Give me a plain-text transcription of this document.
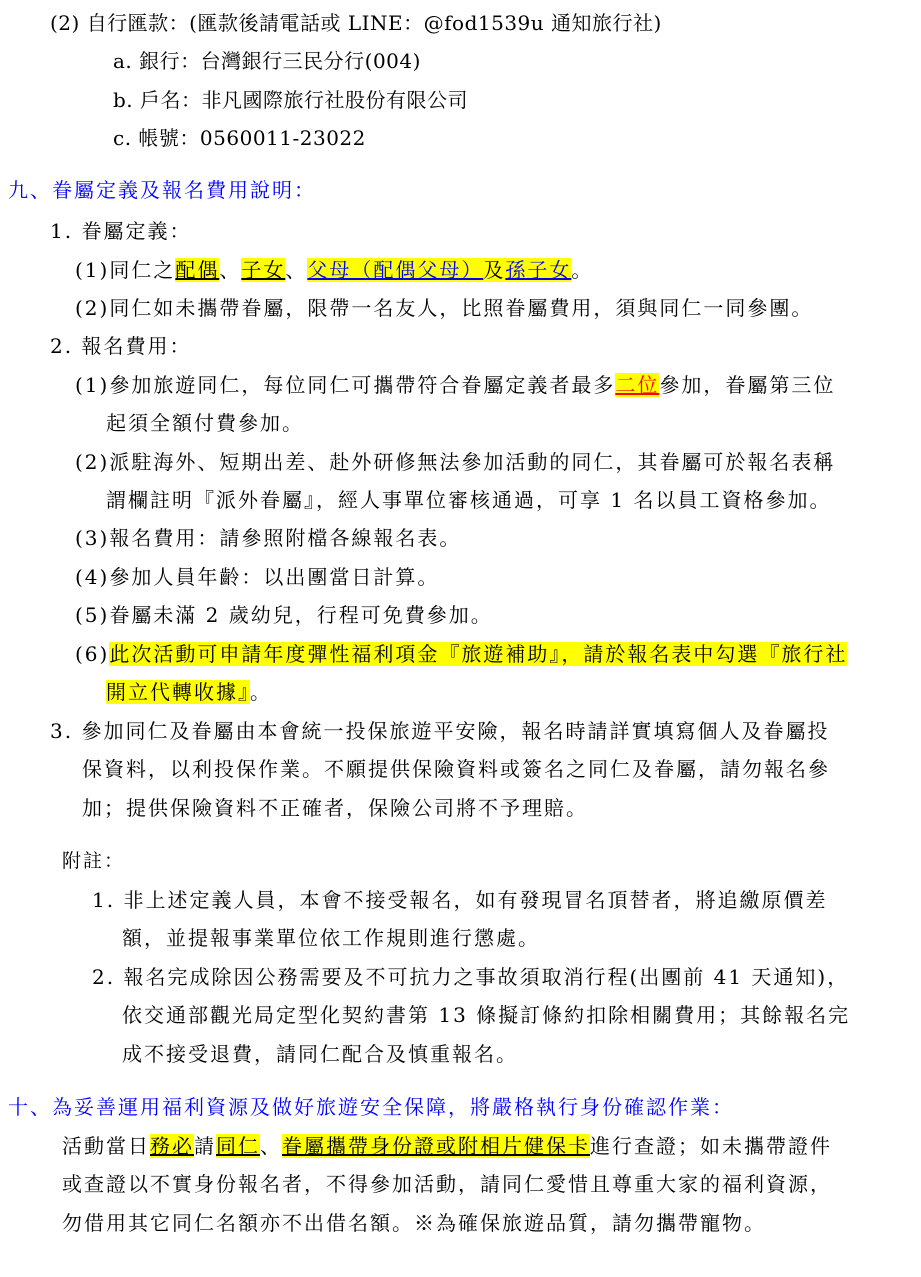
(2) 自行匯款：(匯款後請電話或 LINE：@fod1539u 通知旅行社)
a. 銀行：台灣銀行三民分行(004)
b. 戶名：非凡國際旅行社股份有限公司
c. 帳號：0560011-23022
九、眷屬定義及報名費用說明：
1. 眷屬定義：
(1)同仁之配偶、子女、父母（配偶父母）及孫子女。
(2)同仁如未攜帶眷屬，限帶一名友人，比照眷屬費用，須與同仁一同參團。
2. 報名費用：
(1)參加旅遊同仁，每位同仁可攜帶符合眷屬定義者最多二位參加，眷屬第三位
起須全額付費參加。
(2)派駐海外、短期出差、赴外研修無法參加活動的同仁，其眷屬可於報名表稱
謂欄註明『派外眷屬』，經人事單位審核通過，可享 1 名以員工資格參加。
(3)報名費用：請參照附檔各線報名表。
(4)參加人員年齡：以出團當日計算。
(5)眷屬未滿 2 歲幼兒，行程可免費參加。
(6)此次活動可申請年度彈性福利項金『旅遊補助』，請於報名表中勾選『旅行社
開立代轉收據』。
3. 參加同仁及眷屬由本會統一投保旅遊平安險，報名時請詳實填寫個人及眷屬投
保資料，以利投保作業。不願提供保險資料或簽名之同仁及眷屬，請勿報名參
加；提供保險資料不正確者，保險公司將不予理賠。
附註：
1. 非上述定義人員，本會不接受報名，如有發現冒名頂替者，將追繳原價差
額，並提報事業單位依工作規則進行懲處。
2. 報名完成除因公務需要及不可抗力之事故須取消行程(出團前 41 天通知)，
依交通部觀光局定型化契約書第 13 條擬訂條約扣除相關費用；其餘報名完
成不接受退費，請同仁配合及慎重報名。
十、為妥善運用福利資源及做好旅遊安全保障，將嚴格執行身份確認作業：
活動當日務必請同仁、眷屬攜帶身份證或附相片健保卡進行查證；如未攜帶證件
或查證以不實身份報名者，不得參加活動，請同仁愛惜且尊重大家的福利資源，
勿借用其它同仁名額亦不出借名額。※為確保旅遊品質，請勿攜帶寵物。
